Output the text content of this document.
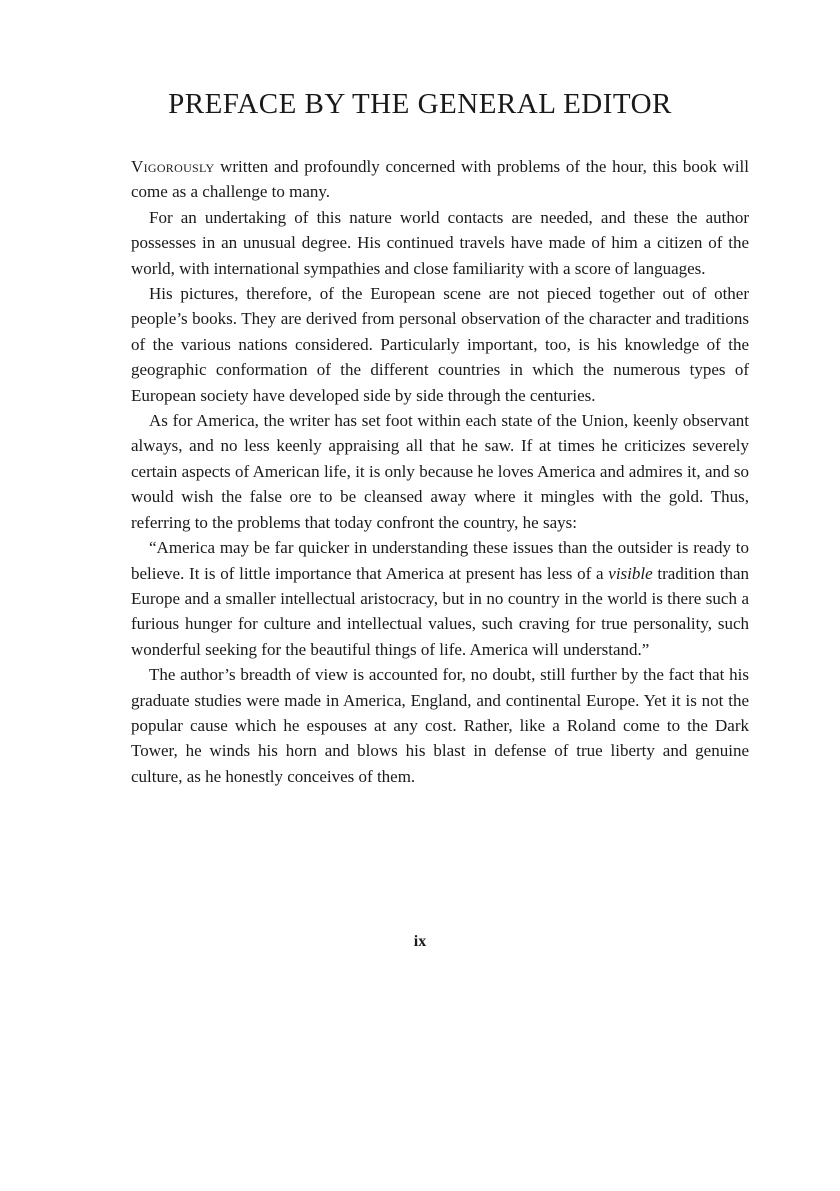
PREFACE BY THE GENERAL EDITOR

Vigorously written and profoundly concerned with problems of the hour, this book will come as a challenge to many.

For an undertaking of this nature world contacts are needed, and these the author possesses in an unusual degree. His continued travels have made of him a citizen of the world, with international sympathies and close familiarity with a score of languages.

His pictures, therefore, of the European scene are not pieced together out of other people’s books. They are derived from personal observation of the character and traditions of the various nations considered. Particularly important, too, is his knowledge of the geographic conformation of the different countries in which the numerous types of European society have developed side by side through the centuries.

As for America, the writer has set foot within each state of the Union, keenly observant always, and no less keenly appraising all that he saw. If at times he criticizes severely certain aspects of American life, it is only because he loves America and admires it, and so would wish the false ore to be cleansed away where it mingles with the gold. Thus, referring to the problems that today confront the country, he says:

“America may be far quicker in understanding these issues than the outsider is ready to believe. It is of little importance that America at present has less of a visible tradition than Europe and a smaller intellectual aristocracy, but in no country in the world is there such a furious hunger for culture and intellectual values, such craving for true personality, such wonderful seeking for the beautiful things of life. America will understand.”

The author’s breadth of view is accounted for, no doubt, still further by the fact that his graduate studies were made in America, England, and continental Europe. Yet it is not the popular cause which he espouses at any cost. Rather, like a Roland come to the Dark Tower, he winds his horn and blows his blast in defense of true liberty and genuine culture, as he honestly conceives of them.

ix
